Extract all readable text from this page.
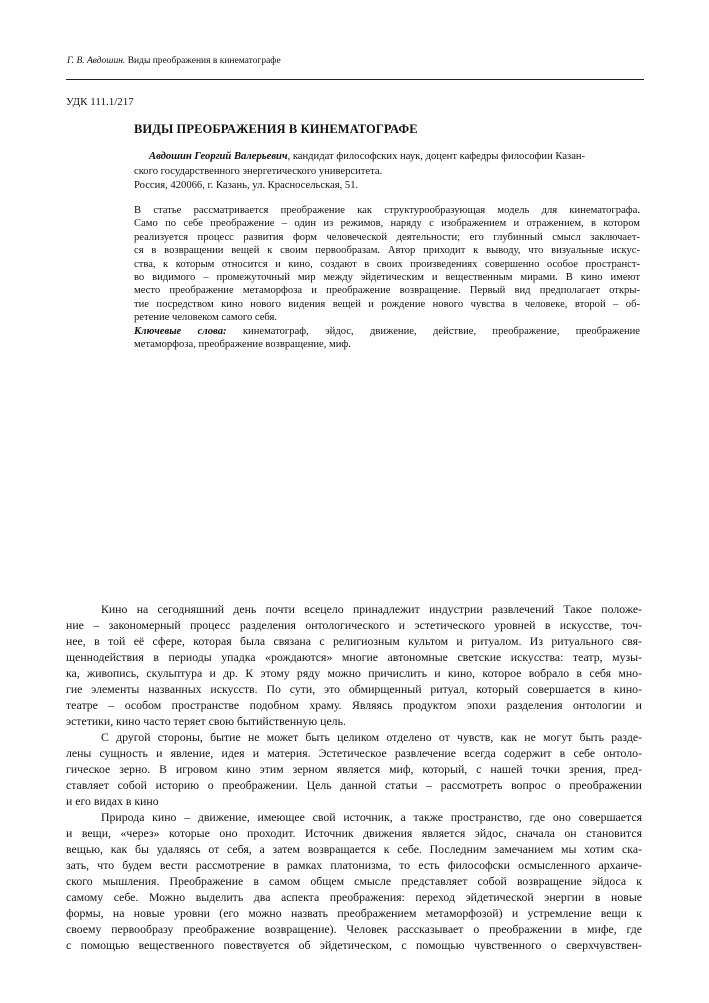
Г. В. Авдошин. Виды преображения в кинематографе
УДК 111.1/217
ВИДЫ ПРЕОБРАЖЕНИЯ В КИНЕМАТОГРАФЕ
Авдошин Георгий Валерьевич, кандидат философских наук, доцент кафедры философии Казан-
ского государственного энергетического университета.
Россия, 420066, г. Казань, ул. Красносельская, 51.
В статье рассматривается преображение как структурообразующая модель для кинематографа.
Само по себе преображение – один из режимов, наряду с изображением и отражением, в котором
реализуется процесс развития форм человеческой деятельности; его глубинный смысл заключает-
ся в возвращении вещей к своим первообразам. Автор приходит к выводу, что визуальные искус-
ства, к которым относится и кино, создают в своих произведениях совершенно особое пространст-
во видимого – промежуточный мир между эйдетическим и вещественным мирами. В кино имеют
место преображение метаморфоза и преображение возвращение. Первый вид предполагает откры-
тие посредством кино нового видения вещей и рождение нового чувства в человеке, второй – об-
ретение человеком самого себя.
Ключевые слова: кинематограф, эйдос, движение, действие, преображение, преображение
метаморфоза, преображение возвращение, миф.
Кино на сегодняшний день почти всецело принадлежит индустрии развлечений Такое положе-
ние – закономерный процесс разделения онтологического и эстетического уровней в искусстве, точ-
нее, в той её сфере, которая была связана с религиозным культом и ритуалом. Из ритуального свя-
щеннодействия в периоды упадка «рождаются» многие автономные светские искусства: театр, музы-
ка, живопись, скульптура и др. К этому ряду можно причислить и кино, которое вобрало в себя мно-
гие элементы названных искусств. По сути, это обмирщенный ритуал, который совершается в кино-
театре – особом пространстве подобном храму. Являясь продуктом эпохи разделения онтологии и
эстетики, кино часто теряет свою бытийственную цель.
С другой стороны, бытие не может быть целиком отделено от чувств, как не могут быть разде-
лены сущность и явление, идея и материя. Эстетическое развлечение всегда содержит в себе онтоло-
гическое зерно. В игровом кино этим зерном является миф, который, с нашей точки зрения, пред-
ставляет собой историю о преображении. Цель данной статьи – рассмотреть вопрос о преображении
и его видах в кино
Природа кино – движение, имеющее свой источник, а также пространство, где оно совершается
и вещи, «через» которые оно проходит. Источник движения является эйдос, сначала он становится
вещью, как бы удаляясь от себя, а затем возвращается к себе. Последним замечанием мы хотим ска-
зать, что будем вести рассмотрение в рамках платонизма, то есть философски осмысленного архаиче-
ского мышления. Преображение в самом общем смысле представляет собой возвращение эйдоса к
самому себе. Можно выделить два аспекта преображения: переход эйдетической энергии в новые
формы, на новые уровни (его можно назвать преображением метаморфозой) и устремление вещи к
своему первообразу преображение возвращение). Человек рассказывает о преображении в мифе, где
с помощью вещественного повествуется об эйдетическом, с помощью чувственного о сверхчувствен-
